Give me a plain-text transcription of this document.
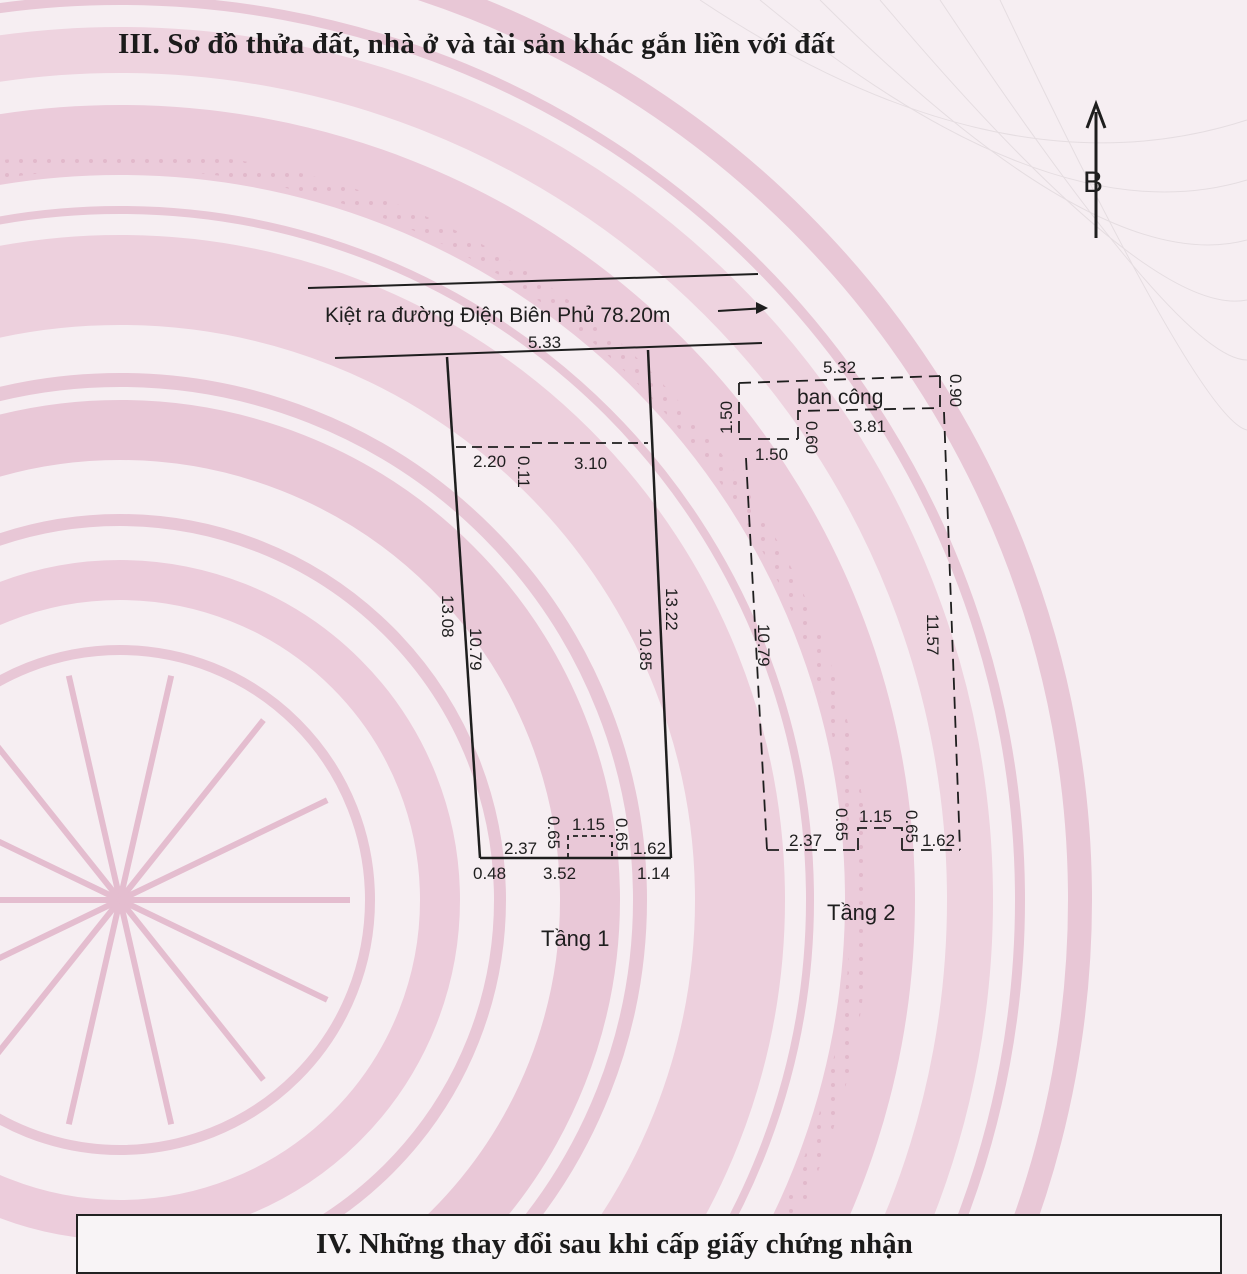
III. Sơ đồ thửa đất, nhà ở và tài sản khác gắn liền với đất
B
Kiệt ra đường Điện Biên Phủ 78.20m
5.33
2.20 0.11 3.10
13.08
10.79	10.85
13.22
2.37 0.65 1.15 0.65 1.62
0.48 3.52	1.14
Tầng 1
5.32
ban công	0.90
1.50
1.50
0.60 3.81
10.79	11.57
2.37 0.65 1.15 0.65 1.62
Tầng 2
IV. Những thay đổi sau khi cấp giấy chứng nhận
